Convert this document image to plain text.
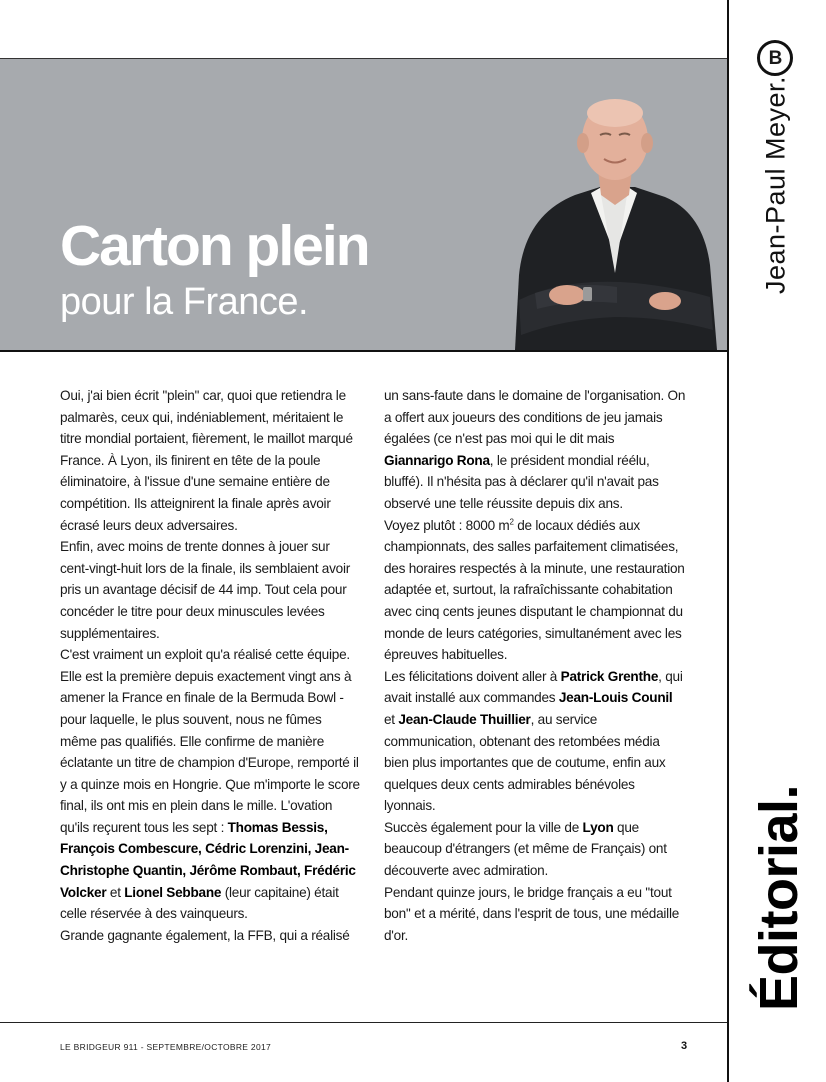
Carton plein
pour la France.
B
Jean-Paul Meyer.
Éditorial.

Oui, j'ai bien écrit ''plein'' car, quoi que retiendra le palmarès, ceux qui, indéniablement, méritaient le titre mondial portaient, fièrement, le maillot marqué France. À Lyon, ils finirent en tête de la poule éliminatoire, à l'issue d'une semaine entière de compétition. Ils atteignirent la finale après avoir écrasé leurs deux adversaires.

Enfin, avec moins de trente donnes à jouer sur cent-vingt-huit lors de la finale, ils semblaient avoir pris un avantage décisif de 44 imp. Tout cela pour concéder le titre pour deux minuscules levées supplémentaires.

C'est vraiment un exploit qu'a réalisé cette équipe. Elle est la première depuis exactement vingt ans à amener la France en finale de la Bermuda Bowl - pour laquelle, le plus souvent, nous ne fûmes même pas qualifiés. Elle confirme de manière éclatante un titre de champion d'Europe, remporté il y a quinze mois en Hongrie. Que m'importe le score final, ils ont mis en plein dans le mille. L'ovation qu'ils reçurent tous les sept : Thomas Bessis, François Combescure, Cédric Lorenzini, Jean-Christophe Quantin, Jérôme Rombaut, Frédéric Volcker et Lionel Sebbane (leur capitaine) était celle réservée à des vainqueurs.

Grande gagnante également, la FFB, qui a réalisé

un sans-faute dans le domaine de l'organisation. On a offert aux joueurs des conditions de jeu jamais égalées (ce n'est pas moi qui le dit mais Giannarigo Rona, le président mondial réélu, bluffé). Il n'hésita pas à déclarer qu'il n'avait pas observé une telle réussite depuis dix ans.

Voyez plutôt : 8000 $m^2$ de locaux dédiés aux championnats, des salles parfaitement climatisées, des horaires respectés à la minute, une restauration adaptée et, surtout, la rafraîchissante cohabitation avec cinq cents jeunes disputant le championnat du monde de leurs catégories, simultanément avec les épreuves habituelles.

Les félicitations doivent aller à Patrick Grenthe, qui avait installé aux commandes Jean-Louis Counil et Jean-Claude Thuillier, au service communication, obtenant des retombées média bien plus importantes que de coutume, enfin aux quelques deux cents admirables bénévoles lyonnais.

Succès également pour la ville de Lyon que beaucoup d'étrangers (et même de Français) ont découverte avec admiration.

Pendant quinze jours, le bridge français a eu ''tout bon'' et a mérité, dans l'esprit de tous, une médaille d'or.

LE BRIDGEUR 911 - SEPTEMBRE/OCTOBRE 2017	3
